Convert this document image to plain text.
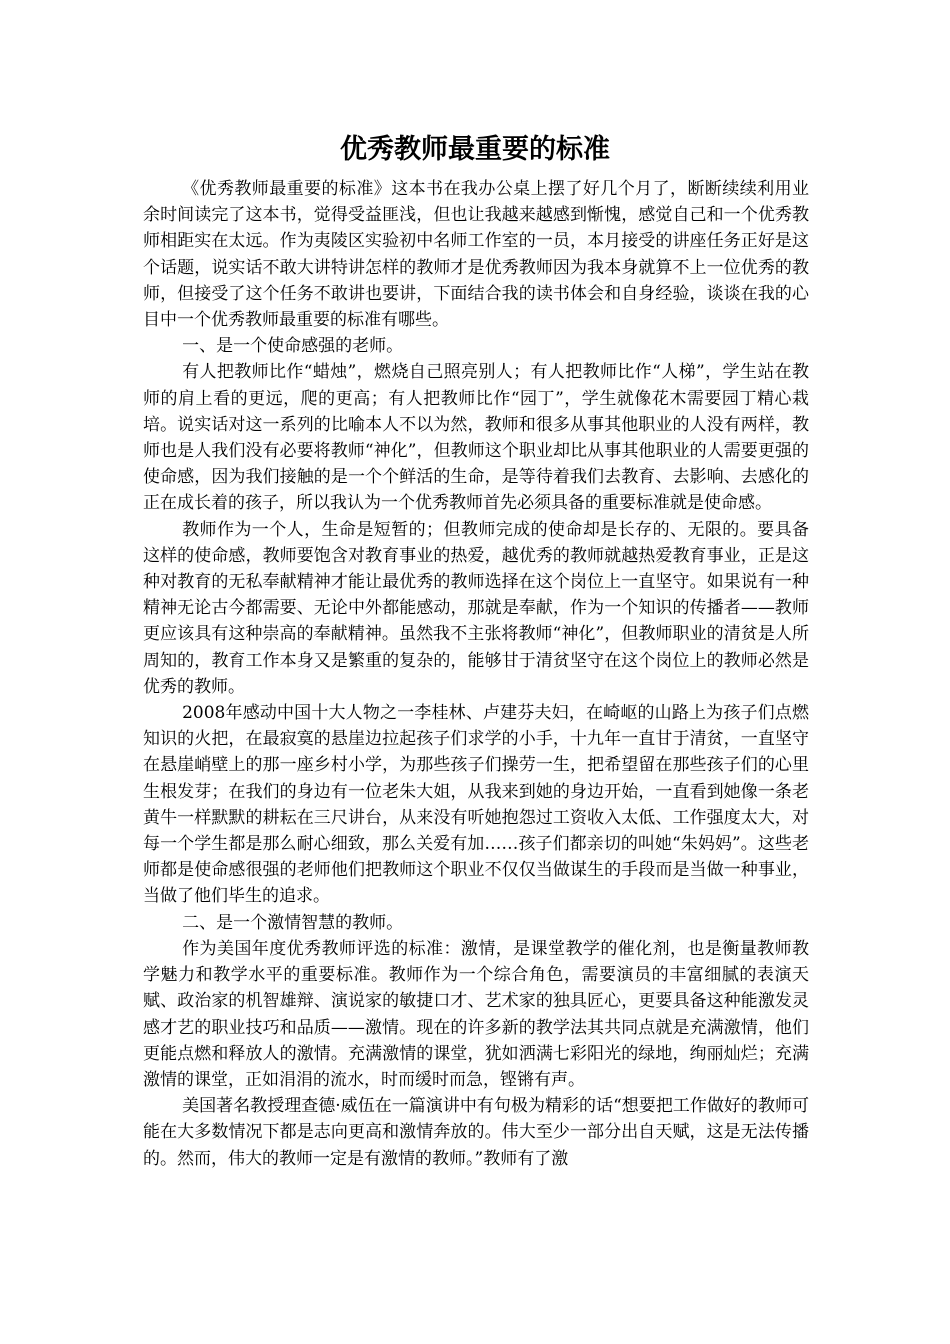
优秀教师最重要的标准

《优秀教师最重要的标准》这本书在我办公桌上摆了好几个月了，断断续续利用业余时间读完了这本书，觉得受益匪浅，但也让我越来越感到惭愧，感觉自己和一个优秀教师相距实在太远。作为夷陵区实验初中名师工作室的一员，本月接受的讲座任务正好是这个话题，说实话不敢大讲特讲怎样的教师才是优秀教师因为我本身就算不上一位优秀的教师，但接受了这个任务不敢讲也要讲，下面结合我的读书体会和自身经验，谈谈在我的心目中一个优秀教师最重要的标准有哪些。

一、是一个使命感强的老师。

有人把教师比作“蜡烛”，燃烧自己照亮别人；有人把教师比作“人梯”，学生站在教师的肩上看的更远，爬的更高；有人把教师比作“园丁”，学生就像花木需要园丁精心栽培。说实话对这一系列的比喻本人不以为然，教师和很多从事其他职业的人没有两样，教师也是人我们没有必要将教师“神化”，但教师这个职业却比从事其他职业的人需要更强的使命感，因为我们接触的是一个个鲜活的生命，是等待着我们去教育、去影响、去感化的正在成长着的孩子，所以我认为一个优秀教师首先必须具备的重要标准就是使命感。

教师作为一个人，生命是短暂的；但教师完成的使命却是长存的、无限的。要具备这样的使命感，教师要饱含对教育事业的热爱，越优秀的教师就越热爱教育事业，正是这种对教育的无私奉献精神才能让最优秀的教师选择在这个岗位上一直坚守。如果说有一种精神无论古今都需要、无论中外都能感动，那就是奉献，作为一个知识的传播者——教师更应该具有这种崇高的奉献精神。虽然我不主张将教师“神化”，但教师职业的清贫是人所周知的，教育工作本身又是繁重的复杂的，能够甘于清贫坚守在这个岗位上的教师必然是优秀的教师。

2008年感动中国十大人物之一李桂林、卢建芬夫妇，在崎岖的山路上为孩子们点燃知识的火把，在最寂寞的悬崖边拉起孩子们求学的小手，十九年一直甘于清贫，一直坚守在悬崖峭壁上的那一座乡村小学，为那些孩子们操劳一生，把希望留在那些孩子们的心里生根发芽；在我们的身边有一位老朱大姐，从我来到她的身边开始，一直看到她像一条老黄牛一样默默的耕耘在三尺讲台，从来没有听她抱怨过工资收入太低、工作强度太大，对每一个学生都是那么耐心细致，那么关爱有加……孩子们都亲切的叫她“朱妈妈”。这些老师都是使命感很强的老师他们把教师这个职业不仅仅当做谋生的手段而是当做一种事业，当做了他们毕生的追求。

二、是一个激情智慧的教师。

作为美国年度优秀教师评选的标准：激情，是课堂教学的催化剂，也是衡量教师教学魅力和教学水平的重要标准。教师作为一个综合角色，需要演员的丰富细腻的表演天赋、政治家的机智雄辩、演说家的敏捷口才、艺术家的独具匠心，更要具备这种能激发灵感才艺的职业技巧和品质——激情。现在的许多新的教学法其共同点就是充满激情，他们更能点燃和释放人的激情。充满激情的课堂，犹如洒满七彩阳光的绿地，绚丽灿烂；充满激情的课堂，正如涓涓的流水，时而缓时而急，铿锵有声。

美国著名教授理查德·威伍在一篇演讲中有句极为精彩的话“想要把工作做好的教师可能在大多数情况下都是志向更高和激情奔放的。伟大至少一部分出自天赋，这是无法传播的。然而，伟大的教师一定是有激情的教师。”教师有了激
